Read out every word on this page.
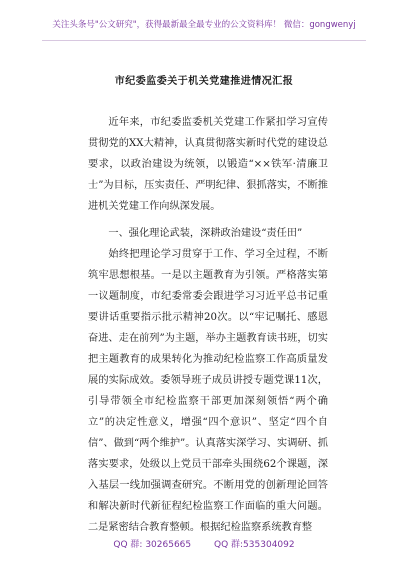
关注头条号"公文研究"，获得最新最全最专业的公文资料库！ 微信：gongwenyj
市纪委监委关于机关党建推进情况汇报

近年来，市纪委监委机关党建工作紧扣学习宣传贯彻党的XX大精神，认真贯彻落实新时代党的建设总要求，以政治建设为统领，以锻造“××铁军·清廉卫士”为目标，压实责任、严明纪律、狠抓落实，不断推进机关党建工作向纵深发展。

一、强化理论武装，深耕政治建设“责任田”

始终把理论学习贯穿于工作、学习全过程，不断筑牢思想根基。一是以主题教育为引领。严格落实第一议题制度，市纪委常委会跟进学习习近平总书记重要讲话重要指示批示精神20次。以“牢记嘱托、感恩奋进、走在前列”为主题，举办主题教育读书班，切实把主题教育的成果转化为推动纪检监察工作高质量发展的实际成效。委领导班子成员讲授专题党课11次，引导带领全市纪检监察干部更加深刻领悟“两个确立”的决定性意义，增强“四个意识”、坚定“四个自信”、做到“两个维护”。认真落实深学习、实调研、抓落实要求，处级以上党员干部牵头围绕62个课题，深入基层一线加强调查研究。不断用党的创新理论回答和解决新时代新征程纪检监察工作面临的重大问题。二是紧密结合教育整顿。根据纪检监察系统教育整

QQ 群: 30265665	QQ 群:535304092
